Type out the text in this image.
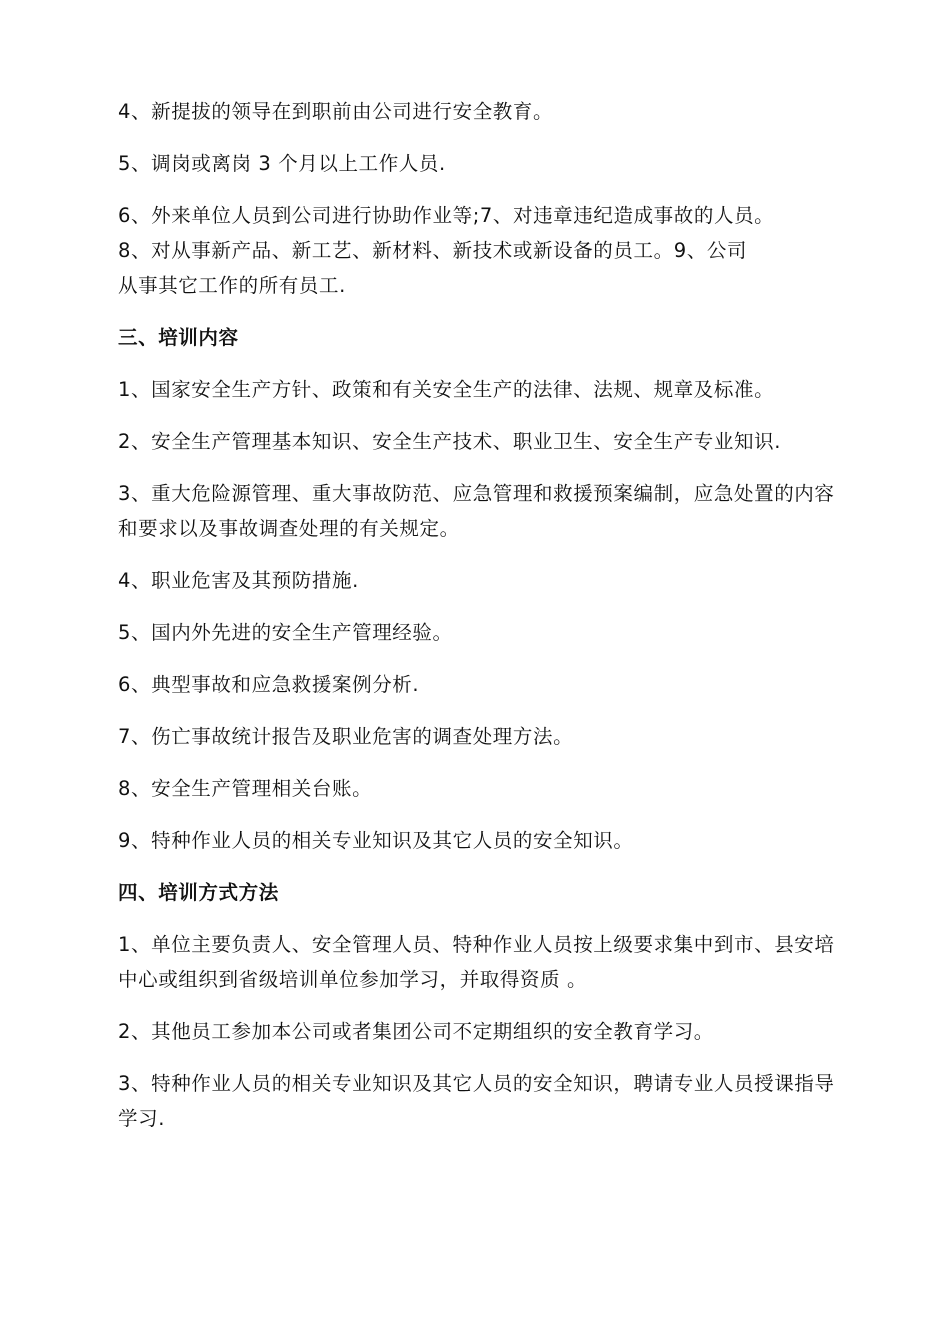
4、新提拔的领导在到职前由公司进行安全教育。

5、调岗或离岗 3 个月以上工作人员.

6、外来单位人员到公司进行协助作业等;7、对违章违纪造成事故的人员。

8、对从事新产品、新工艺、新材料、新技术或新设备的员工。9、公司

从事其它工作的所有员工.

三、培训内容

1、国家安全生产方针、政策和有关安全生产的法律、法规、规章及标准。

2、安全生产管理基本知识、安全生产技术、职业卫生、安全生产专业知识.

3、重大危险源管理、重大事故防范、应急管理和救援预案编制，应急处置的内容和要求以及事故调查处理的有关规定。

4、职业危害及其预防措施.

5、国内外先进的安全生产管理经验。

6、典型事故和应急救援案例分析.

7、伤亡事故统计报告及职业危害的调查处理方法。

8、安全生产管理相关台账。

9、特种作业人员的相关专业知识及其它人员的安全知识。

四、培训方式方法

1、单位主要负责人、安全管理人员、特种作业人员按上级要求集中到市、县安培中心或组织到省级培训单位参加学习，并取得资质 。

2、其他员工参加本公司或者集团公司不定期组织的安全教育学习。

3、特种作业人员的相关专业知识及其它人员的安全知识，聘请专业人员授课指导学习.
